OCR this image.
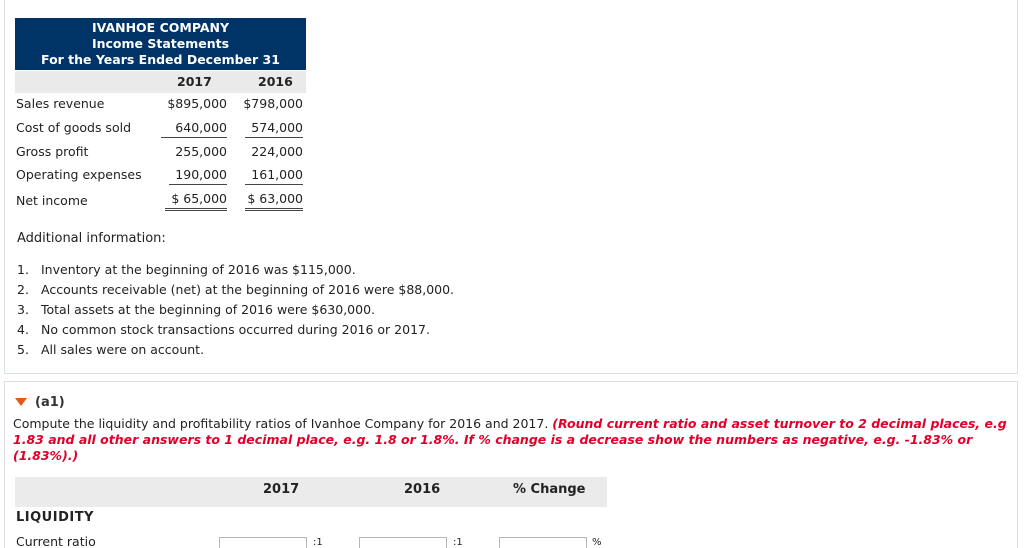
IVANHOE COMPANY
Income Statements
For the Years Ended December 31
2017	2016
Sales revenue	$895,000 $798,000
Cost of goods sold	640,000	574,000
Gross profit	255,000	224,000
Operating expenses	190,000	161,000
Net income	$ 65,000 $ 63,000
Additional information:
1. Inventory at the beginning of 2016 was $115,000.
2. Accounts receivable (net) at the beginning of 2016 were $88,000.
3. Total assets at the beginning of 2016 were $630,000.
4. No common stock transactions occurred during 2016 or 2017.
5. All sales were on account.
(a1)
Compute the liquidity and profitability ratios of Ivanhoe Company for 2016 and 2017. (Round current ratio and asset turnover to 2 decimal places, e.g 1.83 and all other answers to 1 decimal place, e.g. 1.8 or 1.8%. If % change is a decrease show the numbers as negative, e.g. -1.83% or (1.83%).)
2017	2016	% Change
LIQUIDITY
Current ratio	:1	:1	%
